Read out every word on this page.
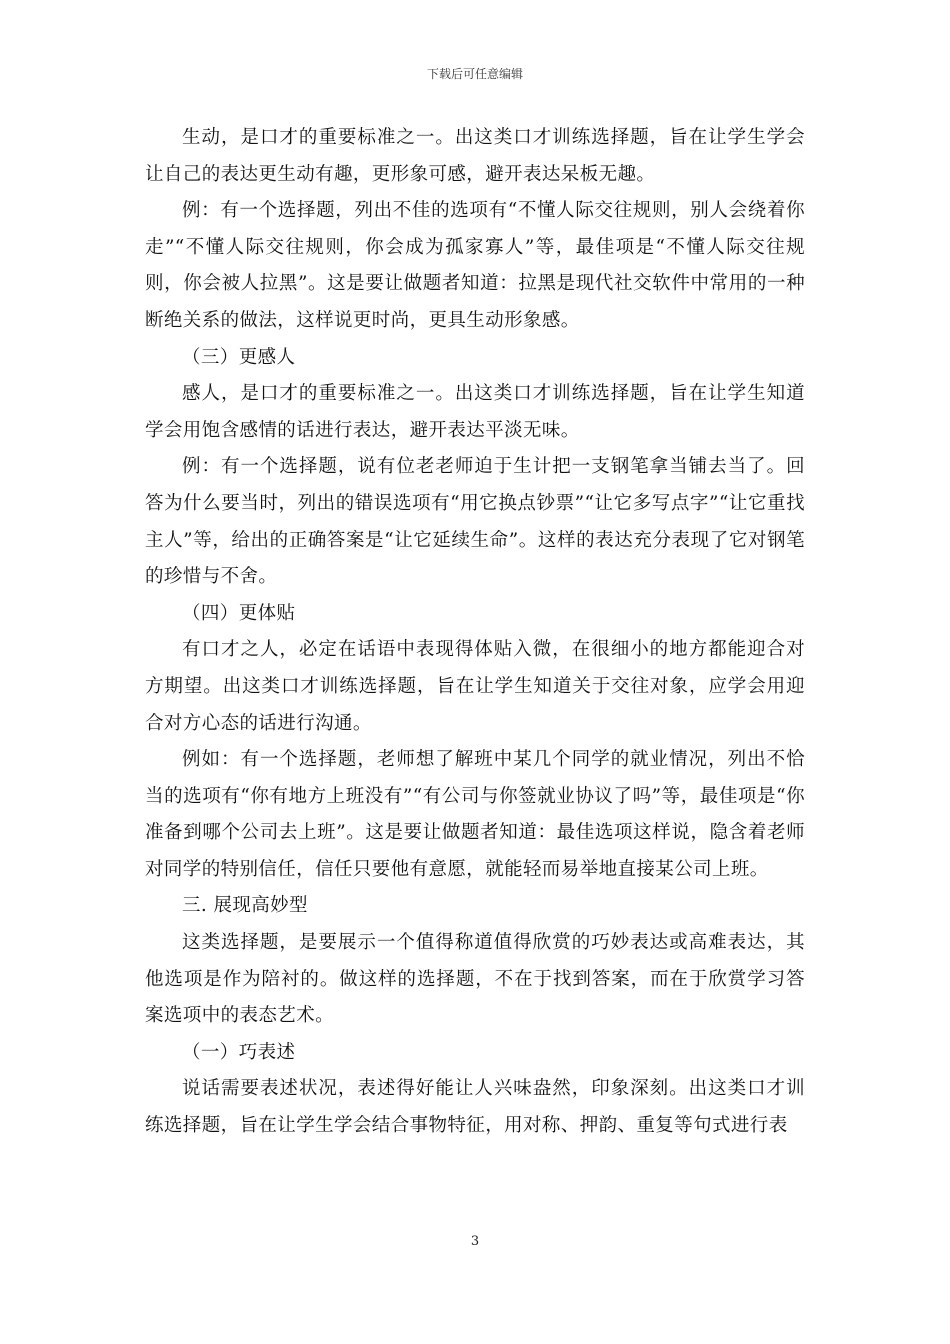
下载后可任意编辑

生动，是口才的重要标准之一。出这类口才训练选择题，旨在让学生学会让自己的表达更生动有趣，更形象可感，避开表达呆板无趣。

例：有一个选择题，列出不佳的选项有“不懂人际交往规则，别人会绕着你走”“不懂人际交往规则，你会成为孤家寡人”等，最佳项是“不懂人际交往规则，你会被人拉黑”。这是要让做题者知道：拉黑是现代社交软件中常用的一种断绝关系的做法，这样说更时尚，更具生动形象感。

（三）更感人

感人，是口才的重要标准之一。出这类口才训练选择题，旨在让学生知道学会用饱含感情的话进行表达，避开表达平淡无味。

例：有一个选择题，说有位老老师迫于生计把一支钢笔拿当铺去当了。回答为什么要当时，列出的错误选项有“用它换点钞票”“让它多写点字”“让它重找主人”等，给出的正确答案是“让它延续生命”。这样的表达充分表现了它对钢笔的珍惜与不舍。

（四）更体贴

有口才之人，必定在话语中表现得体贴入微，在很细小的地方都能迎合对方期望。出这类口才训练选择题，旨在让学生知道关于交往对象，应学会用迎合对方心态的话进行沟通。

例如：有一个选择题，老师想了解班中某几个同学的就业情况，列出不恰当的选项有“你有地方上班没有”“有公司与你签就业协议了吗”等，最佳项是“你准备到哪个公司去上班”。这是要让做题者知道：最佳选项这样说，隐含着老师对同学的特别信任，信任只要他有意愿，就能轻而易举地直接某公司上班。

三. 展现高妙型

这类选择题，是要展示一个值得称道值得欣赏的巧妙表达或高难表达，其他选项是作为陪衬的。做这样的选择题，不在于找到答案，而在于欣赏学习答案选项中的表态艺术。

（一）巧表述

说话需要表述状况，表述得好能让人兴味盎然，印象深刻。出这类口才训练选择题，旨在让学生学会结合事物特征，用对称、押韵、重复等句式进行表

3
